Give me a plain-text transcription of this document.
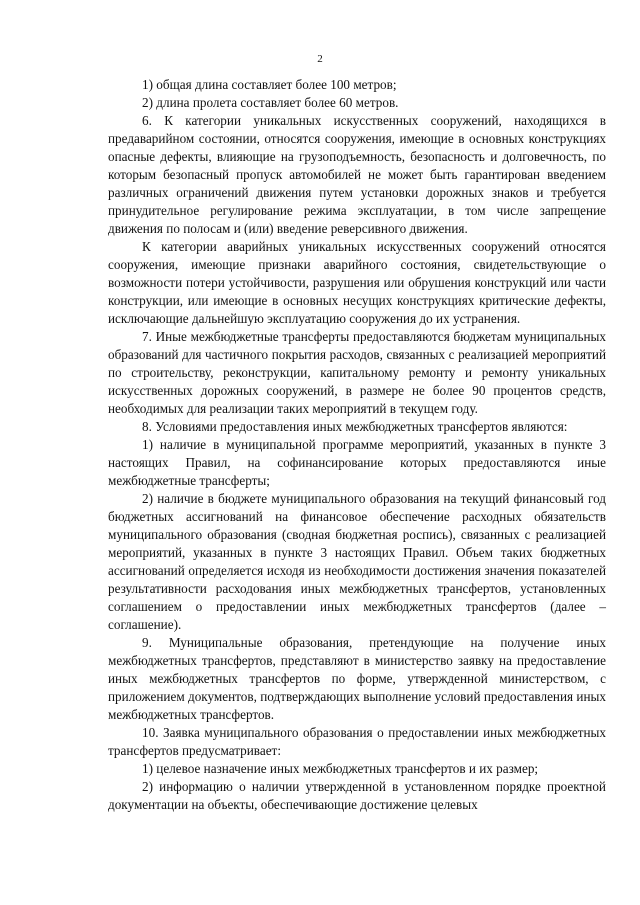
2

1) общая длина составляет более 100 метров;

2) длина пролета составляет более 60 метров.

6. К категории уникальных искусственных сооружений, находящихся в предаварийном состоянии, относятся сооружения, имеющие в основных конструкциях опасные дефекты, влияющие на грузоподъемность, безопасность и долговечность, по которым безопасный пропуск автомобилей не может быть гарантирован введением различных ограничений движения путем установки дорожных знаков и требуется принудительное регулирование режима эксплуатации, в том числе запрещение движения по полосам и (или) введение реверсивного движения.

К категории аварийных уникальных искусственных сооружений относятся сооружения, имеющие признаки аварийного состояния, свидетельствующие о возможности потери устойчивости, разрушения или обрушения конструкций или части конструкции, или имеющие в основных несущих конструкциях критические дефекты, исключающие дальнейшую эксплуатацию сооружения до их устранения.

7. Иные межбюджетные трансферты предоставляются бюджетам муниципальных образований для частичного покрытия расходов, связанных с реализацией мероприятий по строительству, реконструкции, капитальному ремонту и ремонту уникальных искусственных дорожных сооружений, в размере не более 90 процентов средств, необходимых для реализации таких мероприятий в текущем году.

8. Условиями предоставления иных межбюджетных трансфертов являются:

1) наличие в муниципальной программе мероприятий, указанных в пункте 3 настоящих Правил, на софинансирование которых предоставляются иные межбюджетные трансферты;

2) наличие в бюджете муниципального образования на текущий финансовый год бюджетных ассигнований на финансовое обеспечение расходных обязательств муниципального образования (сводная бюджетная роспись), связанных с реализацией мероприятий, указанных в пункте 3 настоящих Правил. Объем таких бюджетных ассигнований определяется исходя из необходимости достижения значения показателей результативности расходования иных межбюджетных трансфертов, установленных соглашением о предоставлении иных межбюджетных трансфертов (далее – соглашение).

9. Муниципальные образования, претендующие на получение иных межбюджетных трансфертов, представляют в министерство заявку на предоставление иных межбюджетных трансфертов по форме, утвержденной министерством, с приложением документов, подтверждающих выполнение условий предоставления иных межбюджетных трансфертов.

10. Заявка муниципального образования о предоставлении иных межбюджетных трансфертов предусматривает:

1) целевое назначение иных межбюджетных трансфертов и их размер;

2) информацию о наличии утвержденной в установленном порядке проектной документации на объекты, обеспечивающие достижение целевых
